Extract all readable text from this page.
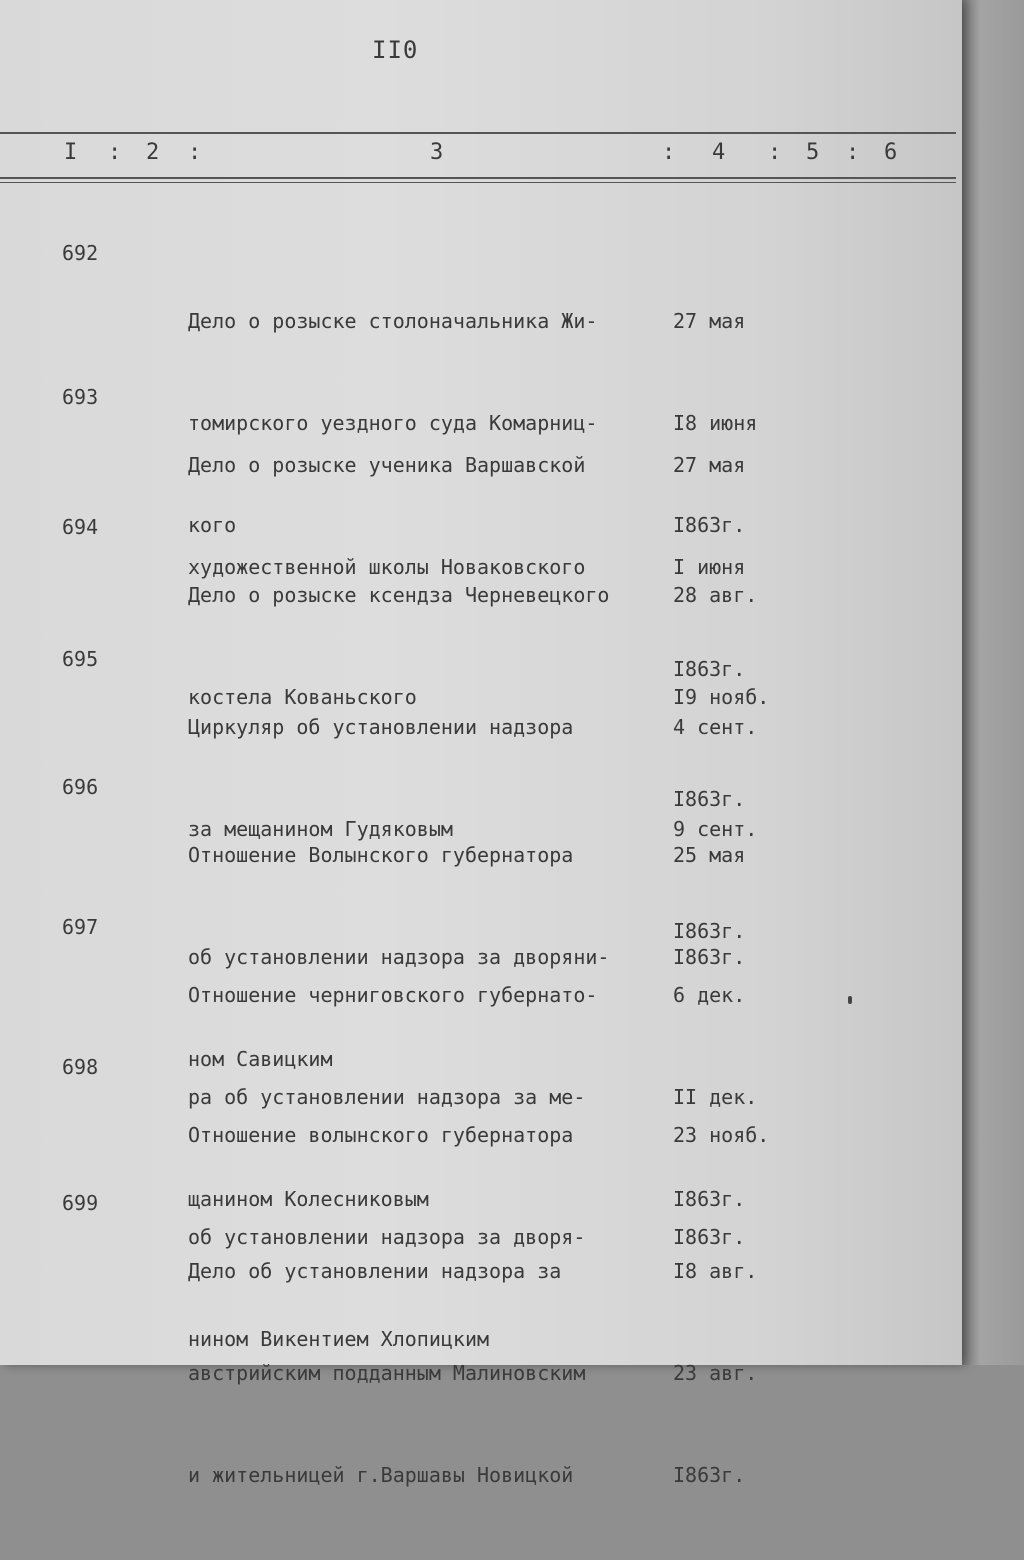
II0
I : 2 :	3	: 4 : 5 : 6

692

Дело о розыске столоначальника Жи-

томирского уездного суда Комарниц-

кого

27 мая

I8 июня

I863г.

693

Дело о розыске ученика Варшавской

художественной школы Новаковского

27 мая

I июня

I863г.

694

Дело о розыске ксендза Черневецкого

костела Кованьского

28 авг.

I9 нояб.

I863г.

695

Циркуляр об установлении надзора

за мещанином Гудяковым

4 сент.

9 сент.

I863г.

696

Отношение Волынского губернатора

об установлении надзора за дворяни-

ном Савицким

25 мая

I863г.

697

Отношение черниговского губернато-

ра об установлении надзора за ме-

щанином Колесниковым

6 дек.

II дек.

I863г.

698

Отношение волынского губернатора

об установлении надзора за дворя-

нином Викентием Хлопицким

23 нояб.

I863г.

699

Дело об установлении надзора за

австрийским подданным Малиновским

и жительницей г.Варшавы Новицкой

I8 авг.

23 авг.

I863г.
